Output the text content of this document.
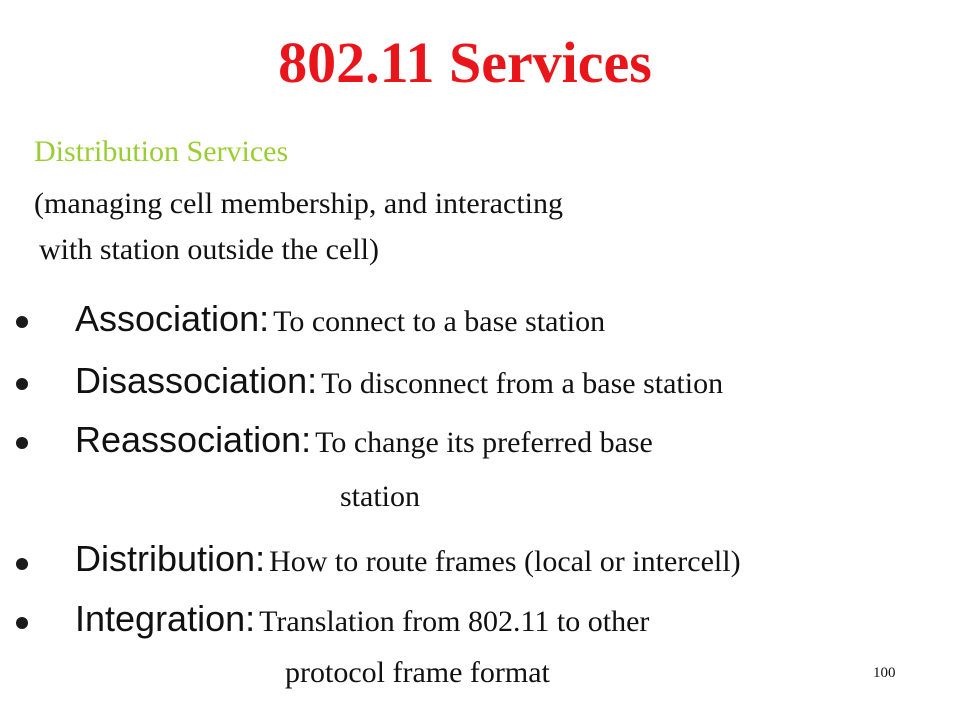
802.11 Services
Distribution Services
(managing cell membership, and interacting
with station outside the cell)
Association: To connect to a base station
Disassociation: To disconnect from a base station
Reassociation: To change its preferred base
station
Distribution: How to route frames (local or intercell)
Integration: Translation from 802.11 to other
protocol frame format	100
